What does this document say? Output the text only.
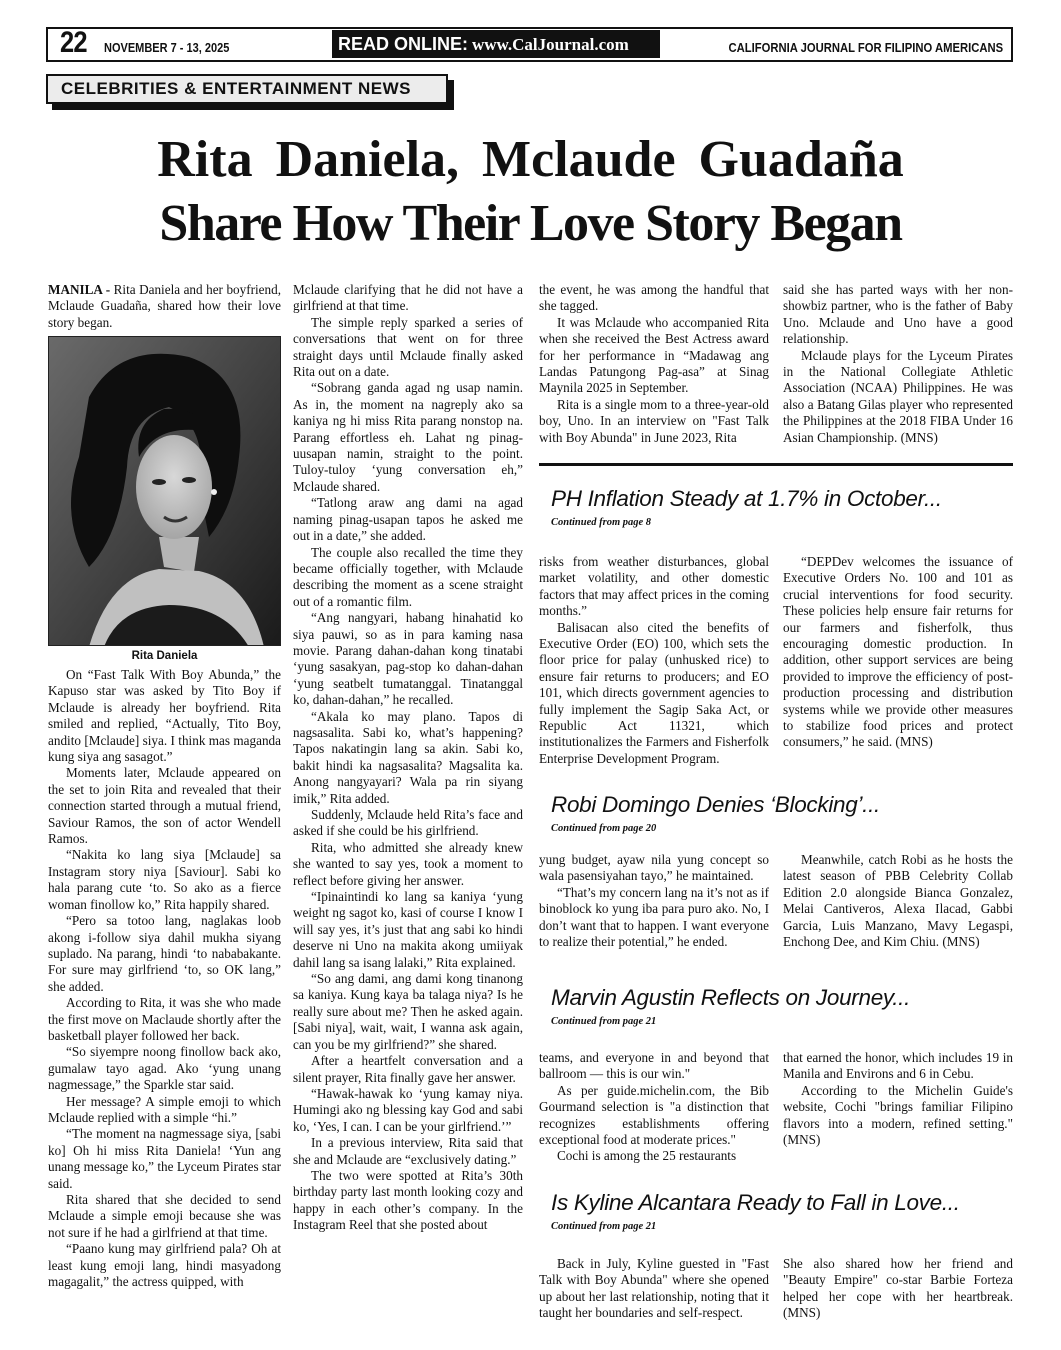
22 NOVEMBER 7 - 13, 2025	READ ONLINE: www.CalJournal.com	CALIFORNIA JOURNAL FOR FILIPINO AMERICANS
CELEBRITIES & ENTERTAINMENT NEWS
Rita Daniela, Mclaude Guadaña
Share How Their Love Story Began

MANILA - Rita Daniela and her boyfriend, Mclaude Guadaña, shared how their love story began.

Rita Daniela

On “Fast Talk With Boy Abunda,” the Kapuso star was asked by Tito Boy if Mclaude is already her boyfriend. Rita smiled and replied, “Actually, Tito Boy, andito [Mclaude] siya. I think mas maganda kung siya ang sasagot.”

Moments later, Mclaude appeared on the set to join Rita and revealed that their connection started through a mutual friend, Saviour Ramos, the son of actor Wendell Ramos.

“Nakita ko lang siya [Mclaude] sa Instagram story niya [Saviour]. Sabi ko hala parang cute ‘to. So ako as a fierce woman finollow ko,” Rita happily shared.

“Pero sa totoo lang, naglakas loob akong i-follow siya dahil mukha siyang suplado. Na parang, hindi ‘to nababakante. For sure may girlfriend ‘to, so OK lang,” she added.

According to Rita, it was she who made the first move on Maclaude shortly after the basketball player followed her back.

“So siyempre noong finollow back ako, gumalaw tayo agad. Ako ‘yung unang nagmessage,” the Sparkle star said.

Her message? A simple emoji to which Mclaude replied with a simple “hi.”

“The moment na nagmessage siya, [sabi ko] Oh hi miss Rita Daniela! ‘Yun ang unang message ko,” the Lyceum Pirates star said.

Rita shared that she decided to send Mclaude a simple emoji because she was not sure if he had a girlfriend at that time.

“Paano kung may girlfriend pala? Oh at least kung emoji lang, hindi masyadong magagalit,” the actress quipped, with

Mclaude clarifying that he did not have a girlfriend at that time.

The simple reply sparked a series of conversations that went on for three straight days until Mclaude finally asked Rita out on a date.

“Sobrang ganda agad ng usap namin. As in, the moment na nagreply ako sa kaniya ng hi miss Rita parang nonstop na. Parang effortless eh. Lahat ng pinag-uusapan namin, straight to the point. Tuloy-tuloy ‘yung conversation eh,” Mclaude shared.

“Tatlong araw ang dami na agad naming pinag-usapan tapos he asked me out in a date,” she added.

The couple also recalled the time they became officially together, with Mclaude describing the moment as a scene straight out of a romantic film.

“Ang nangyari, habang hinahatid ko siya pauwi, so as in para kaming nasa movie. Parang dahan-dahan kong tinatabi ‘yung sasakyan, pag-stop ko dahan-dahan ‘yung seatbelt tumatanggal. Tinatanggal ko, dahan-dahan,” he recalled.

“Akala ko may plano. Tapos di nagsasalita. Sabi ko, what’s happening? Tapos nakatingin lang sa akin. Sabi ko, bakit hindi ka nagsasalita? Magsalita ka. Anong nangyayari? Wala pa rin siyang imik,” Rita added.

Suddenly, Mclaude held Rita’s face and asked if she could be his girlfriend.

Rita, who admitted she already knew she wanted to say yes, took a moment to reflect before giving her answer.

“Ipinaintindi ko lang sa kaniya ‘yung weight ng sagot ko, kasi of course I know I will say yes, it’s just that ang sabi ko hindi deserve ni Uno na makita akong umiiyak dahil lang sa isang lalaki,” Rita explained.

“So ang dami, ang dami kong tinanong sa kaniya. Kung kaya ba talaga niya? Is he really sure about me? Then he asked again. [Sabi niya], wait, wait, I wanna ask again, can you be my girlfriend?” she shared.

After a heartfelt conversation and a silent prayer, Rita finally gave her answer.

“Hawak-hawak ko ‘yung kamay niya. Humingi ako ng blessing kay God and sabi ko, ‘Yes, I can. I can be your girlfriend.’”

In a previous interview, Rita said that she and Mclaude are “exclusively dating.”

The two were spotted at Rita’s 30th birthday party last month looking cozy and happy in each other’s company. In the Instagram Reel that she posted about

the event, he was among the handful that she tagged.

It was Mclaude who accompanied Rita when she received the Best Actress award for her performance in “Madawag ang Landas Patungong Pag-asa” at Sinag Maynila 2025 in September.

Rita is a single mom to a three-year-old boy, Uno. In an interview on "Fast Talk with Boy Abunda" in June 2023, Rita

said she has parted ways with her non-showbiz partner, who is the father of Baby Uno. Mclaude and Uno have a good relationship.

Mclaude plays for the Lyceum Pirates in the National Collegiate Athletic Association (NCAA) Philippines. He was also a Batang Gilas player who represented the Philippines at the 2018 FIBA Under 16 Asian Championship. (MNS)

PH Inflation Steady at 1.7% in October...
Continued from page 8

risks from weather disturbances, global market volatility, and other domestic factors that may affect prices in the coming months.”

Balisacan also cited the benefits of Executive Order (EO) 100, which sets the floor price for palay (unhusked rice) to ensure fair returns to producers; and EO 101, which directs government agencies to fully implement the Sagip Saka Act, or Republic Act 11321, which institutionalizes the Farmers and Fisherfolk Enterprise Development Program.

“DEPDev welcomes the issuance of Executive Orders No. 100 and 101 as crucial interventions for food security. These policies help ensure fair returns for our farmers and fisherfolk, thus encouraging domestic production. In addition, other support services are being provided to improve the efficiency of post-production processing and distribution systems while we provide other measures to stabilize food prices and protect consumers,” he said. (MNS)

Robi Domingo Denies ‘Blocking’...
Continued from page 20

yung budget, ayaw nila yung concept so wala pasensiyahan tayo,” he maintained.

“That’s my concern lang na it’s not as if binoblock ko yung iba para puro ako. No, I don’t want that to happen. I want everyone to realize their potential,” he ended.

Meanwhile, catch Robi as he hosts the latest season of PBB Celebrity Collab Edition 2.0 alongside Bianca Gonzalez, Melai Cantiveros, Alexa Ilacad, Gabbi Garcia, Luis Manzano, Mavy Legaspi, Enchong Dee, and Kim Chiu. (MNS)

Marvin Agustin Reflects on Journey...
Continued from page 21

teams, and everyone in and beyond that ballroom — this is our win."

As per guide.michelin.com, the Bib Gourmand selection is "a distinction that recognizes establishments offering exceptional food at moderate prices."

Cochi is among the 25 restaurants

that earned the honor, which includes 19 in Manila and Environs and 6 in Cebu.

According to the Michelin Guide's website, Cochi "brings familiar Filipino flavors into a modern, refined setting." (MNS)

Is Kyline Alcantara Ready to Fall in Love...
Continued from page 21

Back in July, Kyline guested in "Fast Talk with Boy Abunda" where she opened up about her last relationship, noting that it taught her boundaries and self-respect.

She also shared how her friend and "Beauty Empire" co-star Barbie Forteza helped her cope with her heartbreak. (MNS)
